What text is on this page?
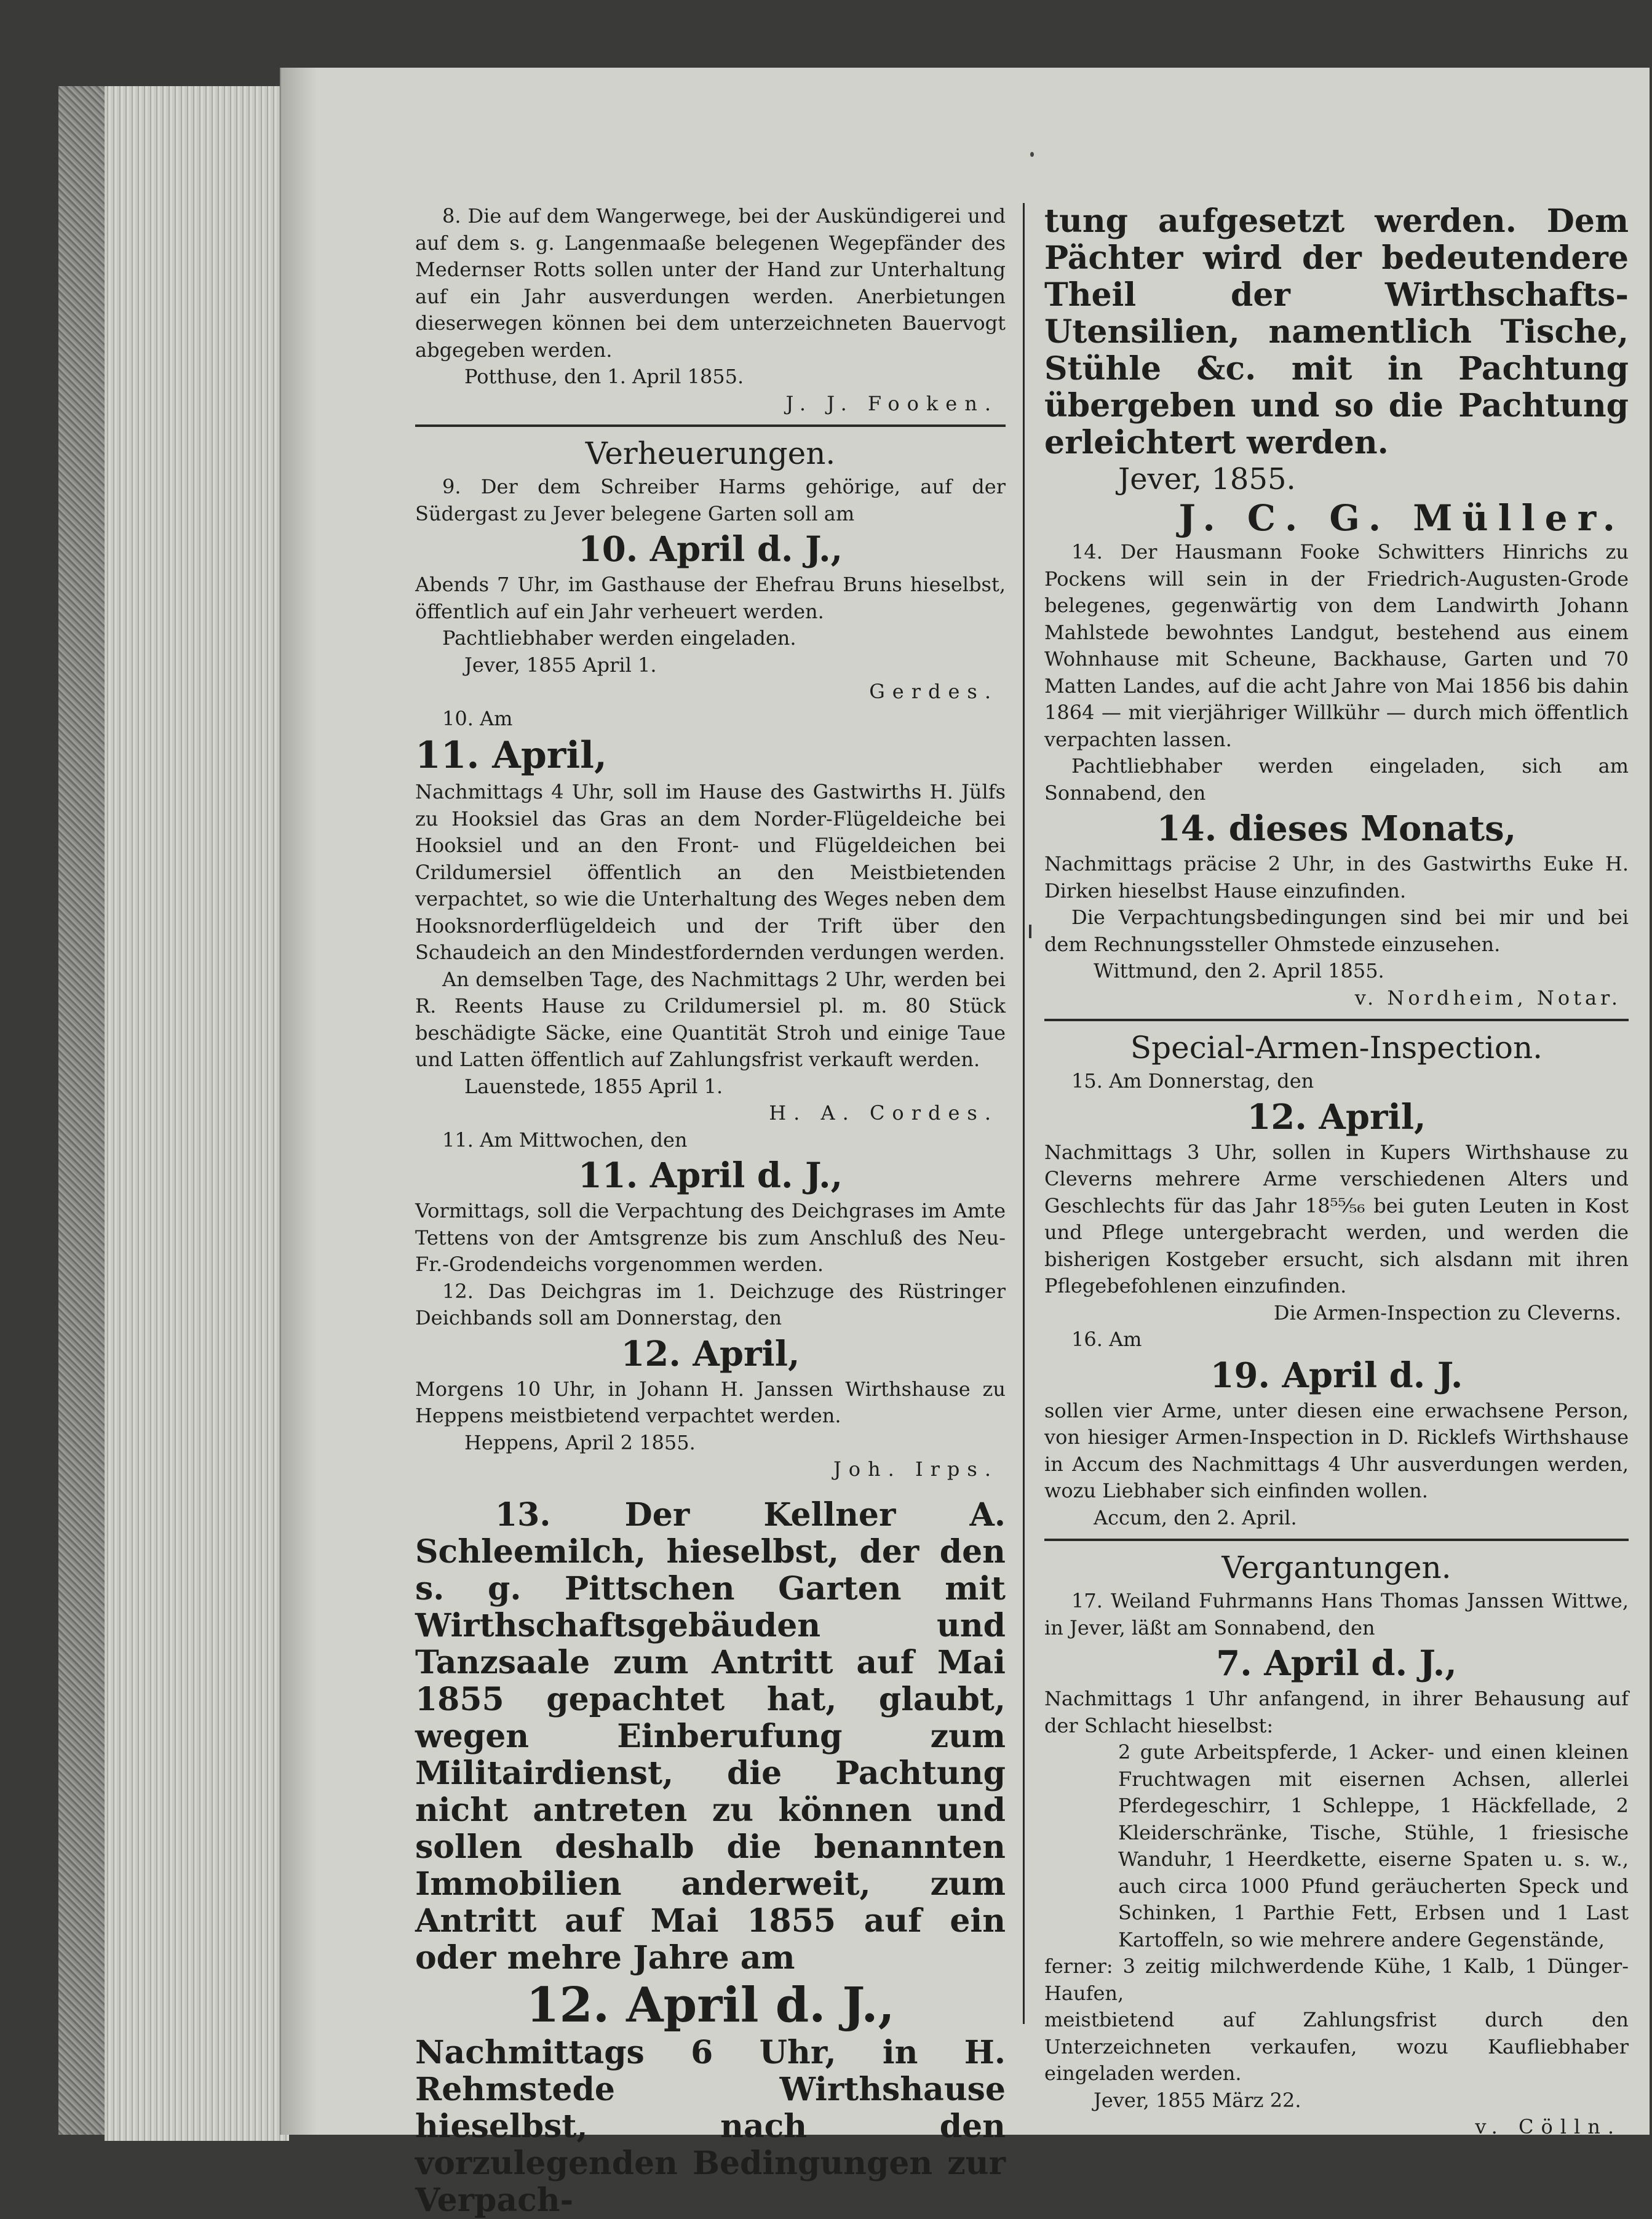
8. Die auf dem Wangerwege, bei der Auskündigerei und auf dem s. g. Langenmaaße belegenen Wegepfänder des Medernser Rotts sollen unter der Hand zur Unterhaltung auf ein Jahr ausverdungen werden. Anerbietungen dieserwegen können bei dem unterzeichneten Bauervogt abgegeben werden.

Potthuse, den 1. April 1855.

J. J. Fooken.

Verheuerungen.

9. Der dem Schreiber Harms gehörige, auf der Südergast zu Jever belegene Garten soll am

10. April d. J.,

Abends 7 Uhr, im Gasthause der Ehefrau Bruns hieselbst, öffentlich auf ein Jahr verheuert werden.

Pachtliebhaber werden eingeladen.

Jever, 1855 April 1.

Gerdes.

10. Am

11. April,

Nachmittags 4 Uhr, soll im Hause des Gastwirths H. Jülfs zu Hooksiel das Gras an dem Norder-Flügeldeiche bei Hooksiel und an den Front- und Flügeldeichen bei Crildumersiel öffentlich an den Meistbietenden verpachtet, so wie die Unterhaltung des Weges neben dem Hooksnorderflügeldeich und der Trift über den Schaudeich an den Mindestfordernden verdungen werden.

An demselben Tage, des Nachmittags 2 Uhr, werden bei R. Reents Hause zu Crildumersiel pl. m. 80 Stück beschädigte Säcke, eine Quantität Stroh und einige Taue und Latten öffentlich auf Zahlungsfrist verkauft werden.

Lauenstede, 1855 April 1.

H. A. Cordes.

11. Am Mittwochen, den

11. April d. J.,

Vormittags, soll die Verpachtung des Deichgrases im Amte Tettens von der Amtsgrenze bis zum Anschluß des Neu-Fr.-Grodendeichs vorgenommen werden.

12. Das Deichgras im 1. Deichzuge des Rüstringer Deichbands soll am Donnerstag, den

12. April,

Morgens 10 Uhr, in Johann H. Janssen Wirthshause zu Heppens meistbietend verpachtet werden.

Heppens, April 2 1855.

Joh. Irps.

13. Der Kellner A. Schleemilch, hieselbst, der den s. g. Pittschen Garten mit Wirthschaftsgebäuden und Tanzsaale zum Antritt auf Mai 1855 gepachtet hat, glaubt, wegen Einberufung zum Militairdienst, die Pachtung nicht antreten zu können und sollen deshalb die benannten Immobilien anderweit, zum Antritt auf Mai 1855 auf ein oder mehre Jahre am

12. April d. J.,

Nachmittags 6 Uhr, in H. Rehmstede Wirthshause hieselbst, nach den vorzulegenden Bedingungen zur Verpach-

tung aufgesetzt werden. Dem Pächter wird der bedeutendere Theil der Wirthschafts-Utensilien, namentlich Tische, Stühle &c. mit in Pachtung übergeben und so die Pachtung erleichtert werden.

Jever, 1855.

J. C. G. Müller.

14. Der Hausmann Fooke Schwitters Hinrichs zu Pockens will sein in der Friedrich-Augusten-Grode belegenes, gegenwärtig von dem Landwirth Johann Mahlstede bewohntes Landgut, bestehend aus einem Wohnhause mit Scheune, Backhause, Garten und 70 Matten Landes, auf die acht Jahre von Mai 1856 bis dahin 1864 — mit vierjähriger Willkühr — durch mich öffentlich verpachten lassen.

Pachtliebhaber werden eingeladen, sich am Sonnabend, den

14. dieses Monats,

Nachmittags präcise 2 Uhr, in des Gastwirths Euke H. Dirken hieselbst Hause einzufinden.

Die Verpachtungsbedingungen sind bei mir und bei dem Rechnungssteller Ohmstede einzusehen.

Wittmund, den 2. April 1855.

v. Nordheim, Notar.

Special-Armen-Inspection.

15. Am Donnerstag, den

12. April,

Nachmittags 3 Uhr, sollen in Kupers Wirthshause zu Cleverns mehrere Arme verschiedenen Alters und Geschlechts für das Jahr 18⁵⁵⁄₅₆ bei guten Leuten in Kost und Pflege untergebracht werden, und werden die bisherigen Kostgeber ersucht, sich alsdann mit ihren Pflegebefohlenen einzufinden.

Die Armen-Inspection zu Cleverns.

16. Am

19. April d. J.

sollen vier Arme, unter diesen eine erwachsene Person, von hiesiger Armen-Inspection in D. Ricklefs Wirthshause in Accum des Nachmittags 4 Uhr ausverdungen werden, wozu Liebhaber sich einfinden wollen.

Accum, den 2. April.

Vergantungen.

17. Weiland Fuhrmanns Hans Thomas Janssen Wittwe, in Jever, läßt am Sonnabend, den

7. April d. J.,

Nachmittags 1 Uhr anfangend, in ihrer Behausung auf der Schlacht hieselbst:

2 gute Arbeitspferde, 1 Acker- und einen kleinen Fruchtwagen mit eisernen Achsen, allerlei Pferdegeschirr, 1 Schleppe, 1 Häckfellade, 2 Kleiderschränke, Tische, Stühle, 1 friesische Wanduhr, 1 Heerdkette, eiserne Spaten u. s. w., auch circa 1000 Pfund geräucherten Speck und Schinken, 1 Parthie Fett, Erbsen und 1 Last Kartoffeln, so wie mehrere andere Gegenstände,

ferner: 3 zeitig milchwerdende Kühe, 1 Kalb, 1 Dünger-Haufen,

meistbietend auf Zahlungsfrist durch den Unterzeichneten verkaufen, wozu Kaufliebhaber eingeladen werden.

Jever, 1855 März 22.

v. Cölln.
